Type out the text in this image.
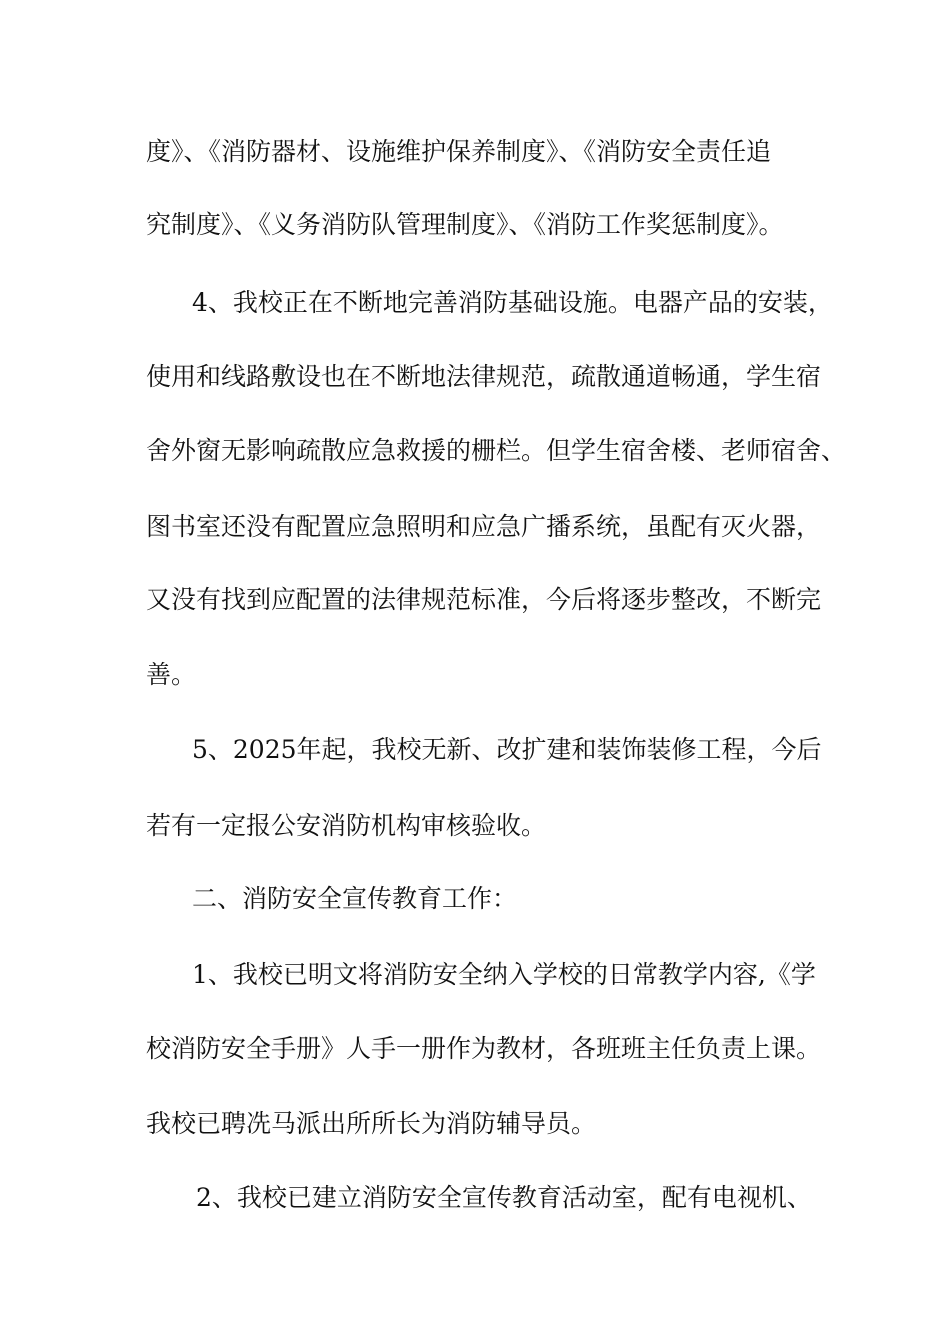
度》、《消防器材、设施维护保养制度》、《消防安全责任追
究制度》、《义务消防队管理制度》、《消防工作奖惩制度》。
4、我校正在不断地完善消防基础设施。电器产品的安装，
使用和线路敷设也在不断地法律规范，疏散通道畅通，学生宿
舍外窗无影响疏散应急救援的栅栏。但学生宿舍楼、老师宿舍、
图书室还没有配置应急照明和应急广播系统，虽配有灭火器，
又没有找到应配置的法律规范标准，今后将逐步整改，不断完
善。
5、2025年起，我校无新、改扩建和装饰装修工程，今后
若有一定报公安消防机构审核验收。
二、消防安全宣传教育工作：
1、我校已明文将消防安全纳入学校的日常教学内容,《学
校消防安全手册》人手一册作为教材，各班班主任负责上课。
我校已聘冼马派出所所长为消防辅导员。
2、我校已建立消防安全宣传教育活动室，配有电视机、
